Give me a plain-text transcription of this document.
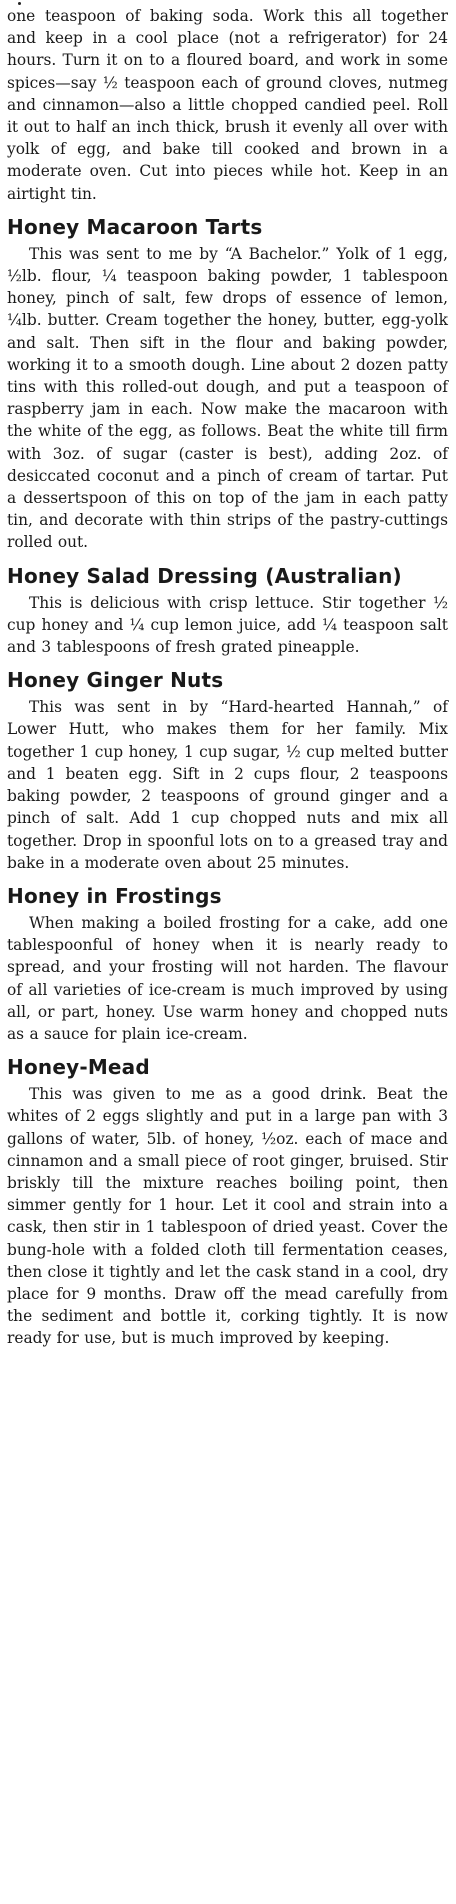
one teaspoon of baking soda. Work this all together and keep in a cool place (not a refrigerator) for 24 hours. Turn it on to a floured board, and work in some spices—say ½ teaspoon each of ground cloves, nutmeg and cinnamon—also a little chopped candied peel. Roll it out to half an inch thick, brush it evenly all over with yolk of egg, and bake till cooked and brown in a moderate oven. Cut into pieces while hot. Keep in an airtight tin.

Honey Macaroon Tarts

This was sent to me by “A Bachelor.” Yolk of 1 egg, ½lb. flour, ¼ teaspoon baking powder, 1 tablespoon honey, pinch of salt, few drops of essence of lemon, ¼lb. butter. Cream together the honey, butter, egg-yolk and salt. Then sift in the flour and baking powder, working it to a smooth dough. Line about 2 dozen patty tins with this rolled-out dough, and put a teaspoon of raspberry jam in each. Now make the macaroon with the white of the egg, as follows. Beat the white till firm with 3oz. of sugar (caster is best), adding 2oz. of desiccated coconut and a pinch of cream of tartar. Put a dessertspoon of this on top of the jam in each patty tin, and decorate with thin strips of the pastry-cuttings rolled out.

Honey Salad Dressing (Australian)

This is delicious with crisp lettuce. Stir together ½ cup honey and ¼ cup lemon juice, add ¼ teaspoon salt and 3 tablespoons of fresh grated pineapple.

Honey Ginger Nuts

This was sent in by “Hard-hearted Hannah,” of Lower Hutt, who makes them for her family. Mix together 1 cup honey, 1 cup sugar, ½ cup melted butter and 1 beaten egg. Sift in 2 cups flour, 2 teaspoons baking powder, 2 teaspoons of ground ginger and a pinch of salt. Add 1 cup chopped nuts and mix all together. Drop in spoonful lots on to a greased tray and bake in a moderate oven about 25 minutes.

Honey in Frostings

When making a boiled frosting for a cake, add one tablespoonful of honey when it is nearly ready to spread, and your frosting will not harden. The flavour of all varieties of ice-cream is much improved by using all, or part, honey. Use warm honey and chopped nuts as a sauce for plain ice-cream.

Honey-Mead

This was given to me as a good drink. Beat the whites of 2 eggs slightly and put in a large pan with 3 gallons of water, 5lb. of honey, ½oz. each of mace and cinnamon and a small piece of root ginger, bruised. Stir briskly till the mixture reaches boiling point, then simmer gently for 1 hour. Let it cool and strain into a cask, then stir in 1 tablespoon of dried yeast. Cover the bung-hole with a folded cloth till fermentation ceases, then close it tightly and let the cask stand in a cool, dry place for 9 months. Draw off the mead carefully from the sediment and bottle it, corking tightly. It is now ready for use, but is much improved by keeping.
